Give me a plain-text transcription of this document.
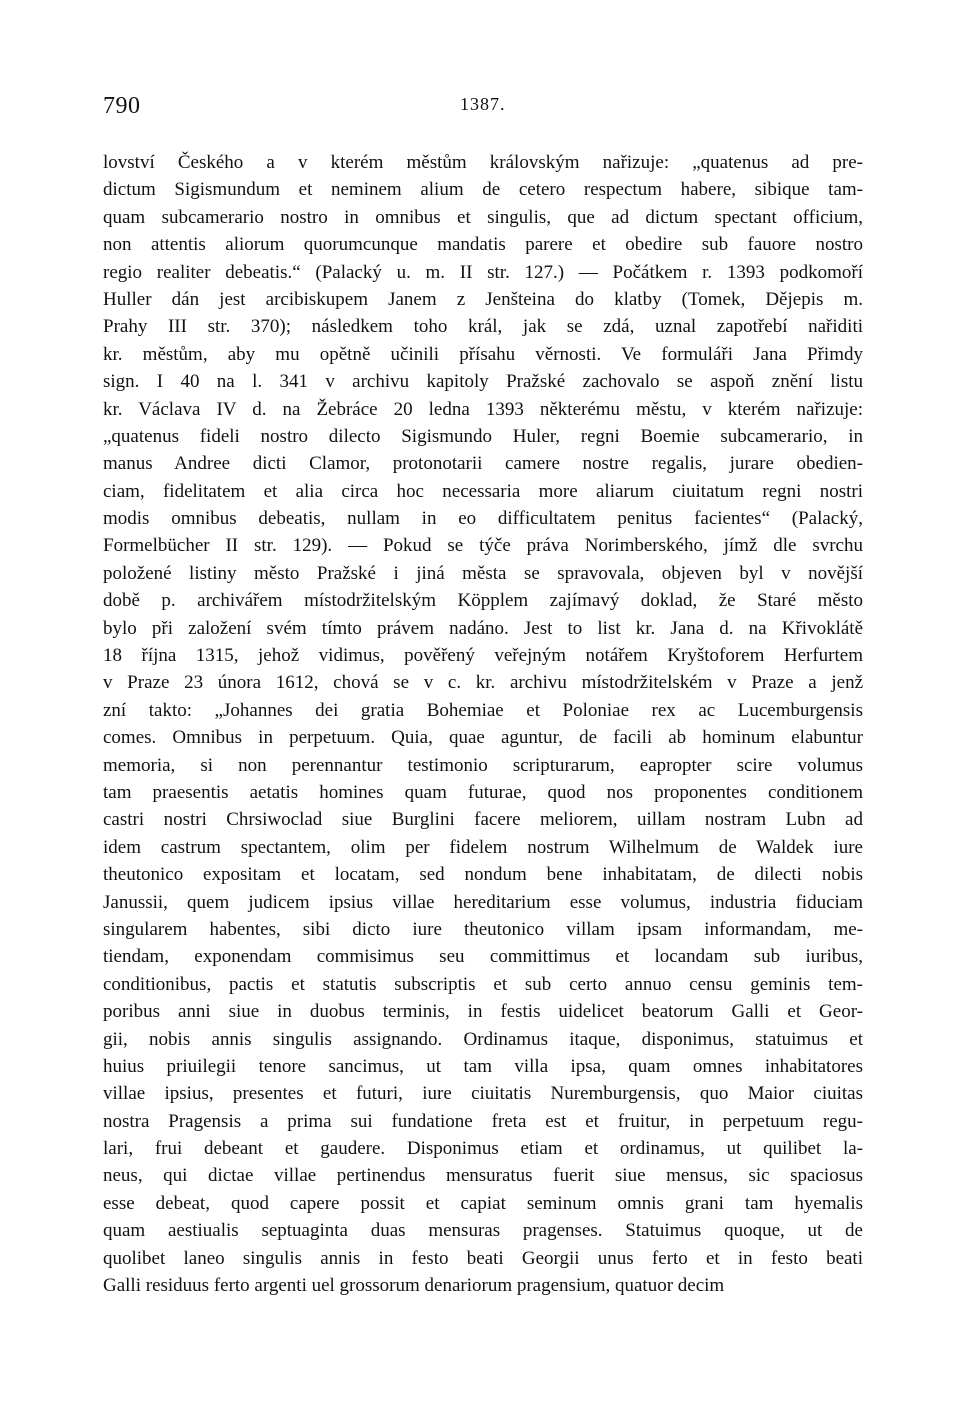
790	1387.
lovství Českého a v kterém městům královským nařizuje: „quatenus ad pre-
dictum Sigismundum et neminem alium de cetero respectum habere, sibique tam-
quam subcamerario nostro in omnibus et singulis, que ad dictum spectant officium,
non attentis aliorum quorumcunque mandatis parere et obedire sub fauore nostro
regio realiter debeatis.“ (Palacký u. m. II str. 127.) — Počátkem r. 1393 podkomoří
Huller dán jest arcibiskupem Janem z Jenšteina do klatby (Tomek, Dějepis m.
Prahy III str. 370); následkem toho král, jak se zdá, uznal zapotřebí nařiditi
kr. městům, aby mu opětně učinili přísahu věrnosti. Ve formuláři Jana Přimdy
sign. I 40 na l. 341 v archivu kapitoly Pražské zachovalo se aspoň znění listu
kr. Václava IV d. na Žebráce 20 ledna 1393 některému městu, v kterém nařizuje:
„quatenus fideli nostro dilecto Sigismundo Huler, regni Boemie subcamerario, in
manus Andree dicti Clamor, protonotarii camere nostre regalis, jurare obedien-
ciam, fidelitatem et alia circa hoc necessaria more aliarum ciuitatum regni nostri
modis omnibus debeatis, nullam in eo difficultatem penitus facientes“ (Palacký,
Formelbücher II str. 129). — Pokud se týče práva Norimberského, jímž dle svrchu
položené listiny město Pražské i jiná města se spravovala, objeven byl v novější
době p. archivářem místodržitelským Köpplem zajímavý doklad, že Staré město
bylo při založení svém tímto právem nadáno. Jest to list kr. Jana d. na Křivoklátě
18 října 1315, jehož vidimus, pověřený veřejným notářem Kryštoforem Herfurtem
v Praze 23 února 1612, chová se v c. kr. archivu místodržitelském v Praze a jenž
zní takto: „Johannes dei gratia Bohemiae et Poloniae rex ac Lucemburgensis
comes. Omnibus in perpetuum. Quia, quae aguntur, de facili ab hominum elabuntur
memoria, si non perennantur testimonio scripturarum, eapropter scire volumus
tam praesentis aetatis homines quam futurae, quod nos proponentes conditionem
castri nostri Chrsiwoclad siue Burglini facere meliorem, uillam nostram Lubn ad
idem castrum spectantem, olim per fidelem nostrum Wilhelmum de Waldek iure
theutonico expositam et locatam, sed nondum bene inhabitatam, de dilecti nobis
Janussii, quem judicem ipsius villae hereditarium esse volumus, industria fiduciam
singularem habentes, sibi dicto iure theutonico villam ipsam informandam, me-
tiendam, exponendam commisimus seu committimus et locandam sub iuribus,
conditionibus, pactis et statutis subscriptis et sub certo annuo censu geminis tem-
poribus anni siue in duobus terminis, in festis uidelicet beatorum Galli et Geor-
gii, nobis annis singulis assignando. Ordinamus itaque, disponimus, statuimus et
huius priuilegii tenore sancimus, ut tam villa ipsa, quam omnes inhabitatores
villae ipsius, presentes et futuri, iure ciuitatis Nuremburgensis, quo Maior ciuitas
nostra Pragensis a prima sui fundatione freta est et fruitur, in perpetuum regu-
lari, frui debeant et gaudere. Disponimus etiam et ordinamus, ut quilibet la-
neus, qui dictae villae pertinendus mensuratus fuerit siue mensus, sic spaciosus
esse debeat, quod capere possit et capiat seminum omnis grani tam hyemalis
quam aestiualis septuaginta duas mensuras pragenses. Statuimus quoque, ut de
quolibet laneo singulis annis in festo beati Georgii unus ferto et in festo beati
Galli residuus ferto argenti uel grossorum denariorum pragensium, quatuor decim
